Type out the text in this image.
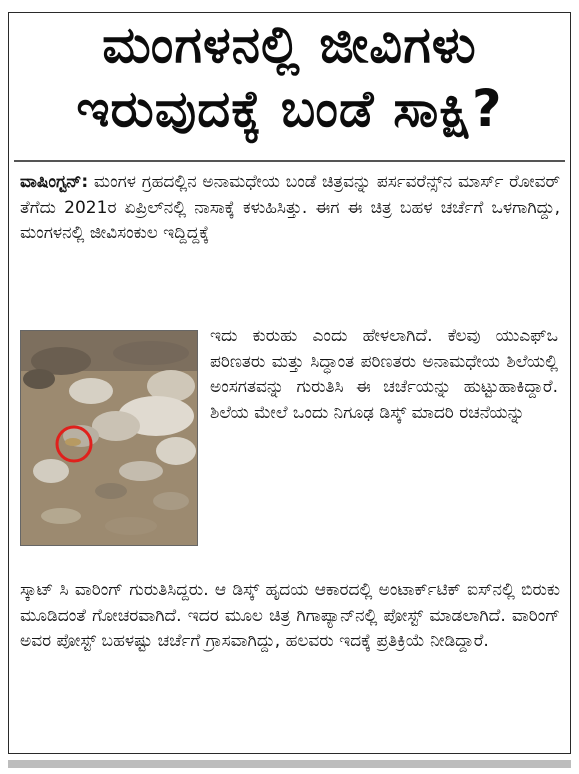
ಮಂಗಳನಲ್ಲಿ ಜೀವಿಗಳು
ಇರುವುದಕ್ಕೆ ಬಂಡೆ ಸಾಕ್ಷಿ?
ವಾಷಿಂಗ್ಟನ್: ಮಂಗಳ ಗ್ರಹದಲ್ಲಿನ ಅನಾಮಧೇಯ ಬಂಡೆ ಚಿತ್ರವನ್ನು ಪರ್ಸವರೆನ್ಸ್‌ನ ಮಾರ್ಸ್ ರೋವರ್ ತೆಗೆದು 2021ರ ಏಪ್ರಿಲ್‌ನಲ್ಲಿ ನಾಸಾಕ್ಕೆ ಕಳುಹಿಸಿತ್ತು. ಈಗ ಈ ಚಿತ್ರ ಬಹಳ ಚರ್ಚೆಗೆ ಒಳಗಾಗಿದ್ದು, ಮಂಗಳನಲ್ಲಿ ಜೀವಿಸಂಕುಲ ಇದ್ದಿದ್ದಕ್ಕೆ
ಇದು ಕುರುಹು ಎಂದು ಹೇಳಲಾಗಿದೆ. ಕೆಲವು ಯುಎಫ್‌ಒ ಪರಿಣತರು ಮತ್ತು ಸಿದ್ಧಾಂತ ಪರಿಣತರು ಅನಾಮಧೇಯ ಶಿಲೆಯಲ್ಲಿ ಅಂಸಗತವನ್ನು ಗುರುತಿಸಿ ಈ ಚರ್ಚೆಯನ್ನು ಹುಟ್ಟುಹಾಕಿದ್ದಾರೆ. ಶಿಲೆಯ ಮೇಲೆ ಒಂದು ನಿಗೂಢ ಡಿಸ್ಕ್ ಮಾದರಿ ರಚನೆಯನ್ನು
ಸ್ಕಾಟ್ ಸಿ ವಾರಿಂಗ್ ಗುರುತಿಸಿದ್ದರು. ಆ ಡಿಸ್ಕ್ ಹೃದಯ ಆಕಾರದಲ್ಲಿ ಅಂಟಾರ್ಕ್‌ಟಿಕ್ ಐಸ್‌ನಲ್ಲಿ ಬಿರುಕು ಮೂಡಿದಂತೆ ಗೋಚರವಾಗಿದೆ. ಇದರ ಮೂಲ ಚಿತ್ರ ಗಿಗಾಪ್ಯಾನ್‌ನಲ್ಲಿ ಪೋಸ್ಟ್ ಮಾಡಲಾಗಿದೆ. ವಾರಿಂಗ್ ಅವರ ಪೋಸ್ಟ್ ಬಹಳಷ್ಟು ಚರ್ಚೆಗೆ ಗ್ರಾಸವಾಗಿದ್ದು, ಹಲವರು ಇದಕ್ಕೆ ಪ್ರತಿಕ್ರಿಯೆ ನೀಡಿದ್ದಾರೆ.
